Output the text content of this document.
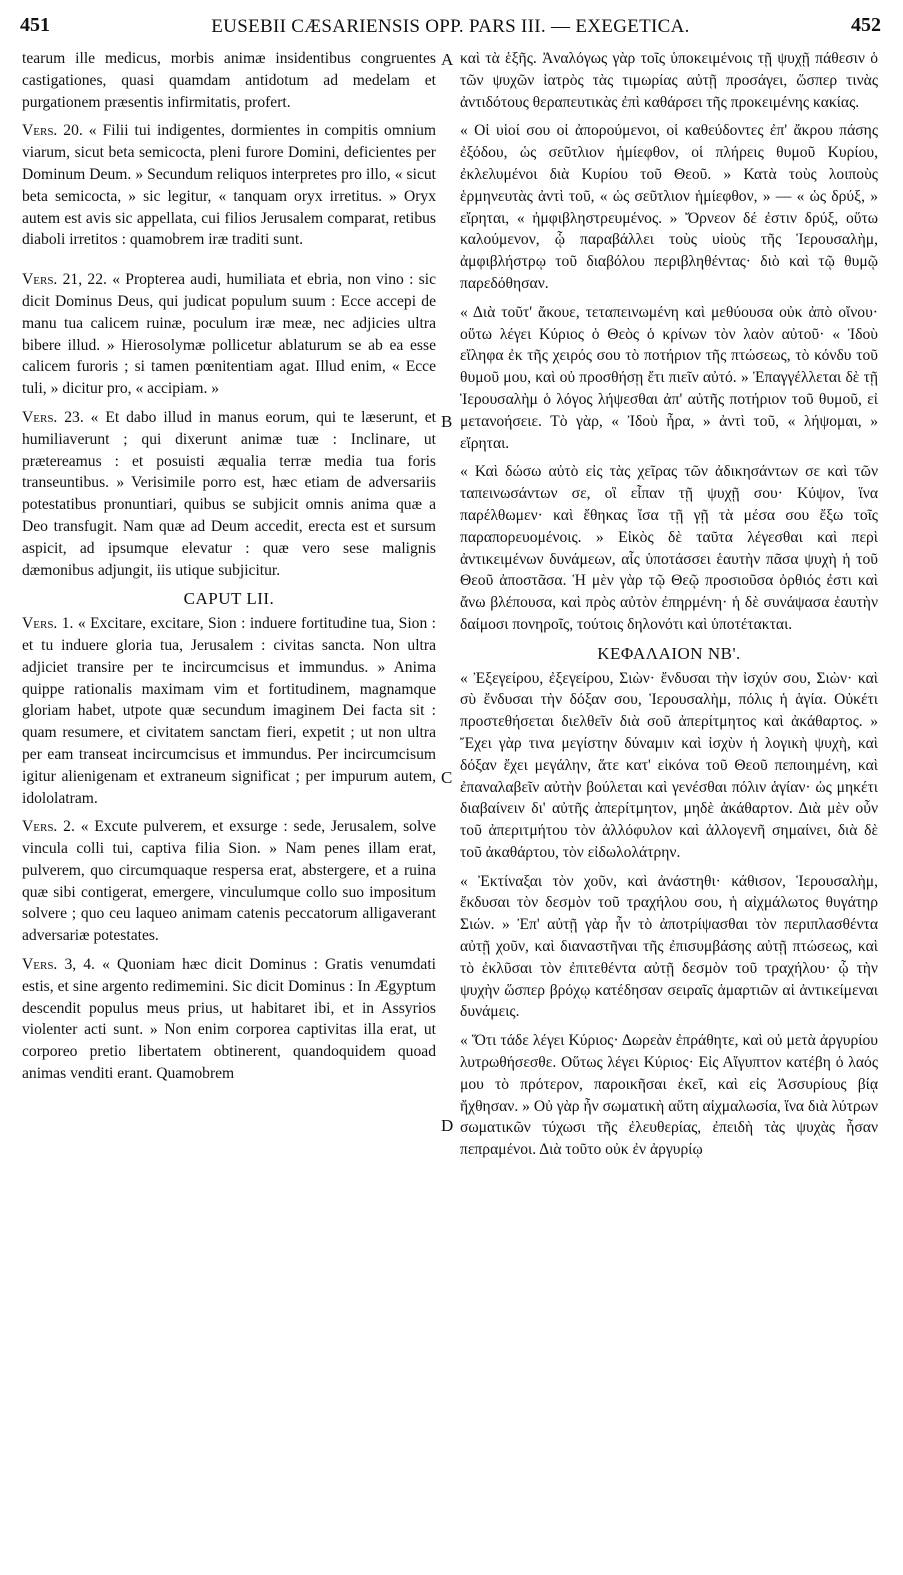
451	EUSEBII CÆSARIENSIS OPP. PARS III. — EXEGETICA.	452
A
B
C
D

tearum ille medicus, morbis animæ insidentibus congruentes castigationes, quasi quamdam antidotum ad medelam et purgationem præsentis infirmitatis, profert.

Vers. 20. « Filii tui indigentes, dormientes in compitis omnium viarum, sicut beta semicocta, pleni furore Domini, deficientes per Dominum Deum. » Secundum reliquos interpretes pro illo, « sicut beta semicocta, » sic legitur, « tanquam oryx irretitus. » Oryx autem est avis sic appellata, cui filios Jerusalem comparat, retibus diaboli irretitos : quamobrem iræ traditi sunt.

Vers. 21, 22. « Propterea audi, humiliata et ebria, non vino : sic dicit Dominus Deus, qui judicat populum suum : Ecce accepi de manu tua calicem ruinæ, poculum iræ meæ, nec adjicies ultra bibere illud. » Hierosolymæ pollicetur ablaturum se ab ea esse calicem furoris ; si tamen pœnitentiam agat. Illud enim, « Ecce tuli, » dicitur pro, « accipiam. »

Vers. 23. « Et dabo illud in manus eorum, qui te læserunt, et humiliaverunt ; qui dixerunt animæ tuæ : Inclinare, ut prætereamus : et posuisti æqualia terræ media tua foris transeuntibus. » Verisimile porro est, hæc etiam de adversariis potestatibus pronuntiari, quibus se subjicit omnis anima quæ a Deo transfugit. Nam quæ ad Deum accedit, erecta est et sursum aspicit, ad ipsumque elevatur : quæ vero sese malignis dæmonibus adjungit, iis utique subjicitur.

CAPUT LII.

Vers. 1. « Excitare, excitare, Sion : induere fortitudine tua, Sion : et tu induere gloria tua, Jerusalem : civitas sancta. Non ultra adjiciet transire per te incircumcisus et immundus. » Anima quippe rationalis maximam vim et fortitudinem, magnamque gloriam habet, utpote quæ secundum imaginem Dei facta sit : quam resumere, et civitatem sanctam fieri, expetit ; ut non ultra per eam transeat incircumcisus et immundus. Per incircumcisum igitur alienigenam et extraneum significat ; per impurum autem, idololatram.

Vers. 2. « Excute pulverem, et exsurge : sede, Jerusalem, solve vincula colli tui, captiva filia Sion. » Nam penes illam erat, pulverem, quo circumquaque respersa erat, abstergere, et a ruina quæ sibi contigerat, emergere, vinculumque collo suo impositum solvere ; quo ceu laqueo animam catenis peccatorum alligaverant adversariæ potestates.

Vers. 3, 4. « Quoniam hæc dicit Dominus : Gratis venumdati estis, et sine argento redimemini. Sic dicit Dominus : In Ægyptum descendit populus meus prius, ut habitaret ibi, et in Assyrios violenter acti sunt. » Non enim corporea captivitas illa erat, ut corporeo pretio libertatem obtinerent, quandoquidem quoad animas venditi erant. Quamobrem

καὶ τὰ ἑξῆς. Ἀναλόγως γὰρ τοῖς ὑποκειμένοις τῇ ψυχῇ πάθεσιν ὁ τῶν ψυχῶν ἰατρὸς τὰς τιμωρίας αὐτῇ προσάγει, ὥσπερ τινὰς ἀντιδότους θεραπευτικὰς ἐπὶ καθάρσει τῆς προκειμένης κακίας.

« Οἱ υἱοί σου οἱ ἀπορούμενοι, οἱ καθεύδοντες ἐπ' ἄκρου πάσης ἐξόδου, ὡς σεῦτλιον ἡμίεφθον, οἱ πλήρεις θυμοῦ Κυρίου, ἐκλελυμένοι διὰ Κυρίου τοῦ Θεοῦ. » Κατὰ τοὺς λοιποὺς ἑρμηνευτὰς ἀντὶ τοῦ, « ὡς σεῦτλιον ἡμίεφθον, » — « ὡς δρύξ, » εἴρηται, « ἠμφιβληστρευμένος. » Ὄρνεον δέ ἐστιν δρύξ, οὕτω καλούμενον, ᾧ παραβάλλει τοὺς υἱοὺς τῆς Ἱερουσαλὴμ, ἀμφιβλήστρῳ τοῦ διαβόλου περιβληθέντας· διὸ καὶ τῷ θυμῷ παρεδόθησαν.

« Διὰ τοῦτ' ἄκουε, τεταπεινωμένη καὶ μεθύουσα οὐκ ἀπὸ οἴνου· οὕτω λέγει Κύριος ὁ Θεὸς ὁ κρίνων τὸν λαὸν αὐτοῦ· « Ἰδοὺ εἴληφα ἐκ τῆς χειρός σου τὸ ποτήριον τῆς πτώσεως, τὸ κόνδυ τοῦ θυμοῦ μου, καὶ οὐ προσθήσῃ ἔτι πιεῖν αὐτό. » Ἐπαγγέλλεται δὲ τῇ Ἱερουσαλὴμ ὁ λόγος λήψεσθαι ἀπ' αὐτῆς ποτήριον τοῦ θυμοῦ, εἰ μετανοήσειε. Τὸ γὰρ, « Ἰδοὺ ἦρα, » ἀντὶ τοῦ, « λήψομαι, » εἴρηται.

« Καὶ δώσω αὐτὸ εἰς τὰς χεῖρας τῶν ἀδικησάντων σε καὶ τῶν ταπεινωσάντων σε, οἳ εἶπαν τῇ ψυχῇ σου· Κύψον, ἵνα παρέλθωμεν· καὶ ἔθηκας ἴσα τῇ γῇ τὰ μέσα σου ἔξω τοῖς παραπορευομένοις. » Εἰκὸς δὲ ταῦτα λέγεσθαι καὶ περὶ ἀντικειμένων δυνάμεων, αἷς ὑποτάσσει ἑαυτὴν πᾶσα ψυχὴ ἡ τοῦ Θεοῦ ἀποστᾶσα. Ἡ μὲν γὰρ τῷ Θεῷ προσιοῦσα ὀρθιός ἐστι καὶ ἄνω βλέπουσα, καὶ πρὸς αὐτὸν ἐπηρμένη· ἡ δὲ συνάψασα ἑαυτὴν δαίμοσι πονηροῖς, τούτοις δηλονότι καὶ ὑποτέτακται.

ΚΕΦΑΛΑΙΟΝ ΝΒ'.

« Ἐξεγείρου, ἐξεγείρου, Σιὼν· ἔνδυσαι τὴν ἰσχύν σου, Σιὼν· καὶ σὺ ἔνδυσαι τὴν δόξαν σου, Ἱερουσαλὴμ, πόλις ἡ ἁγία. Οὐκέτι προστεθήσεται διελθεῖν διὰ σοῦ ἀπερίτμητος καὶ ἀκάθαρτος. » Ἔχει γὰρ τινα μεγίστην δύναμιν καὶ ἰσχὺν ἡ λογικὴ ψυχὴ, καὶ δόξαν ἔχει μεγάλην, ἅτε κατ' εἰκόνα τοῦ Θεοῦ πεποιημένη, καὶ ἐπαναλαβεῖν αὐτὴν βούλεται καὶ γενέσθαι πόλιν ἁγίαν· ὡς μηκέτι διαβαίνειν δι' αὐτῆς ἀπερίτμητον, μηδὲ ἀκάθαρτον. Διὰ μὲν οὖν τοῦ ἀπεριτμήτου τὸν ἀλλόφυλον καὶ ἀλλογενῆ σημαίνει, διὰ δὲ τοῦ ἀκαθάρτου, τὸν εἰδωλολάτρην.

« Ἐκτίναξαι τὸν χοῦν, καὶ ἀνάστηθι· κάθισον, Ἱερουσαλὴμ, ἔκδυσαι τὸν δεσμὸν τοῦ τραχήλου σου, ἡ αἰχμάλωτος θυγάτηρ Σιών. » Ἐπ' αὐτῇ γὰρ ἦν τὸ ἀποτρίψασθαι τὸν περιπλασθέντα αὐτῇ χοῦν, καὶ διαναστῆναι τῆς ἐπισυμβάσης αὐτῇ πτώσεως, καὶ τὸ ἐκλῦσαι τὸν ἐπιτεθέντα αὐτῇ δεσμὸν τοῦ τραχήλου· ᾧ τὴν ψυχὴν ὥσπερ βρόχῳ κατέδησαν σειραῖς ἁμαρτιῶν αἱ ἀντικείμεναι δυνάμεις.

« Ὅτι τάδε λέγει Κύριος· Δωρεὰν ἐπράθητε, καὶ οὐ μετὰ ἀργυρίου λυτρωθήσεσθε. Οὕτως λέγει Κύριος· Εἰς Αἴγυπτον κατέβη ὁ λαός μου τὸ πρότερον, παροικῆσαι ἐκεῖ, καὶ εἰς Ἀσσυρίους βίᾳ ἤχθησαν. » Οὐ γὰρ ἦν σωματικὴ αὕτη αἰχμαλωσία, ἵνα διὰ λύτρων σωματικῶν τύχωσι τῆς ἐλευθερίας, ἐπειδὴ τὰς ψυχὰς ἦσαν πεπραμένοι. Διὰ τοῦτο οὐκ ἐν ἀργυρίῳ
